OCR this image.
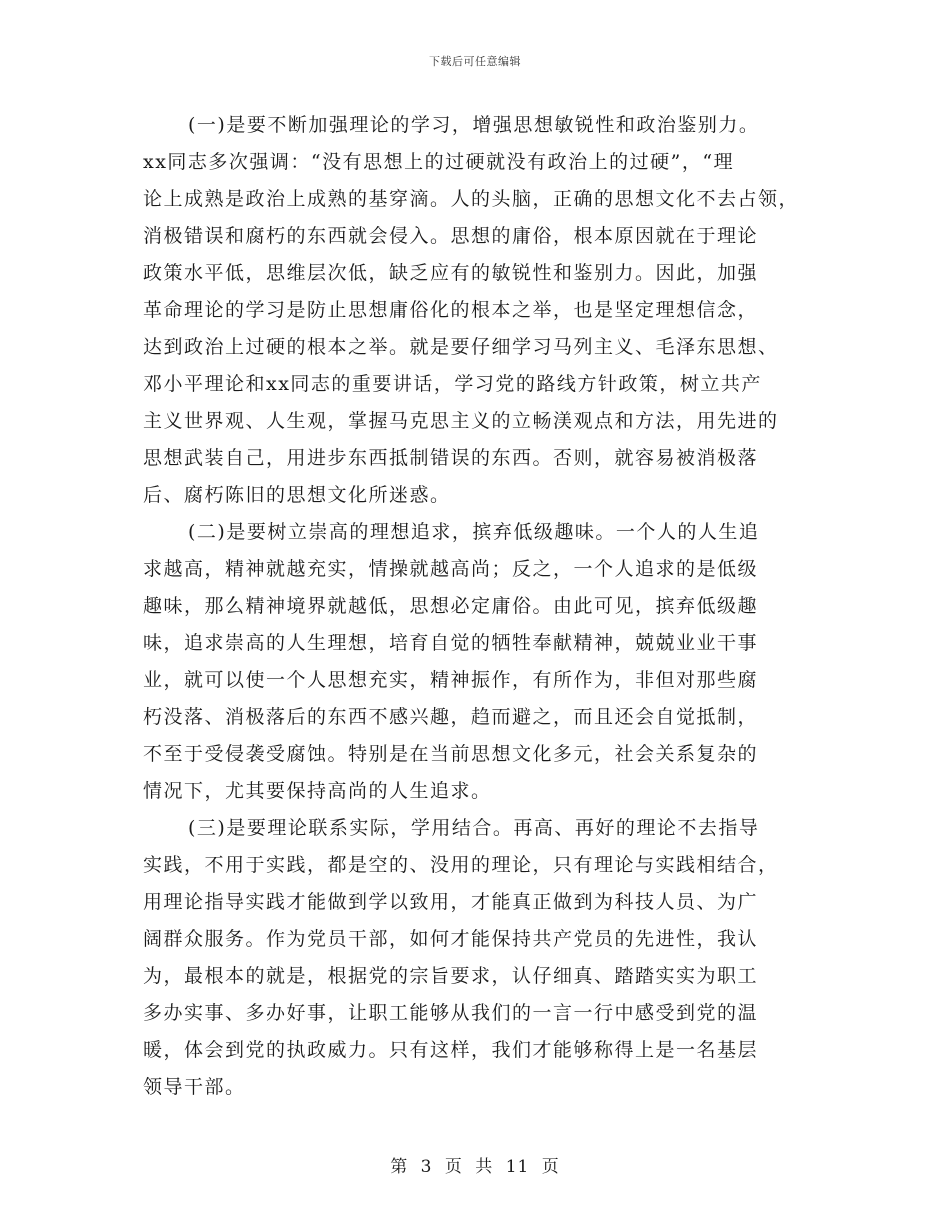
下载后可任意编辑
(一)是要不断加强理论的学习，增强思想敏锐性和政治鉴别力。
xx同志多次强调：“没有思想上的过硬就没有政治上的过硬”，“理
论上成熟是政治上成熟的基穿滴。人的头脑，正确的思想文化不去占领，
消极错误和腐朽的东西就会侵入。思想的庸俗，根本原因就在于理论
政策水平低，思维层次低，缺乏应有的敏锐性和鉴别力。因此，加强
革命理论的学习是防止思想庸俗化的根本之举，也是坚定理想信念，
达到政治上过硬的根本之举。就是要仔细学习马列主义、毛泽东思想、
邓小平理论和xx同志的重要讲话，学习党的路线方针政策，树立共产
主义世界观、人生观，掌握马克思主义的立畅渼观点和方法，用先进的
思想武装自己，用进步东西抵制错误的东西。否则，就容易被消极落
后、腐朽陈旧的思想文化所迷惑。
(二)是要树立崇高的理想追求，摈弃低级趣味。一个人的人生追
求越高，精神就越充实，情操就越高尚；反之，一个人追求的是低级
趣味，那么精神境界就越低，思想必定庸俗。由此可见，摈弃低级趣
味，追求崇高的人生理想，培育自觉的牺牲奉献精神，兢兢业业干事
业，就可以使一个人思想充实，精神振作，有所作为，非但对那些腐
朽没落、消极落后的东西不感兴趣，趋而避之，而且还会自觉抵制，
不至于受侵袭受腐蚀。特别是在当前思想文化多元，社会关系复杂的
情况下，尤其要保持高尚的人生追求。
(三)是要理论联系实际，学用结合。再高、再好的理论不去指导
实践，不用于实践，都是空的、没用的理论，只有理论与实践相结合，
用理论指导实践才能做到学以致用，才能真正做到为科技人员、为广
阔群众服务。作为党员干部，如何才能保持共产党员的先进性，我认
为，最根本的就是，根据党的宗旨要求，认仔细真、踏踏实实为职工
多办实事、多办好事，让职工能够从我们的一言一行中感受到党的温
暖，体会到党的执政威力。只有这样，我们才能够称得上是一名基层
领导干部。
第 3 页 共 11 页
